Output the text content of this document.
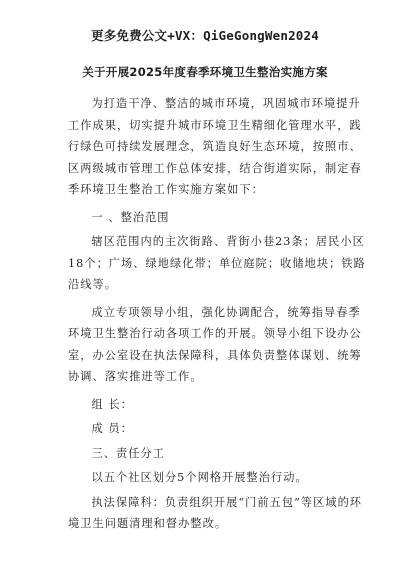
更多免费公文+VX：QiGeGongWen2024
关于开展2025年度春季环境卫生整治实施方案

为打造干净、整洁的城市环境，巩固城市环境提升工作成果，切实提升城市环境卫生精细化管理水平，践行绿色可持续发展理念，筑造良好生态环境，按照市、区两级城市管理工作总体安排，结合街道实际，制定春季环境卫生整治工作实施方案如下：

一 、整治范围

辖区范围内的主次街路、背街小巷23条；居民小区18个；广场、绿地绿化带；单位庭院；收储地块；铁路沿线等。

成立专项领导小组，强化协调配合，统筹指导春季环境卫生整治行动各项工作的开展。领导小组下设办公室，办公室设在执法保障科，具体负责整体谋划、统筹协调、落实推进等工作。

组 长：

成 员：

三、责任分工

以五个社区划分5个网格开展整治行动。

执法保障科：负责组织开展“门前五包”等区域的环境卫生问题清理和督办整改。
